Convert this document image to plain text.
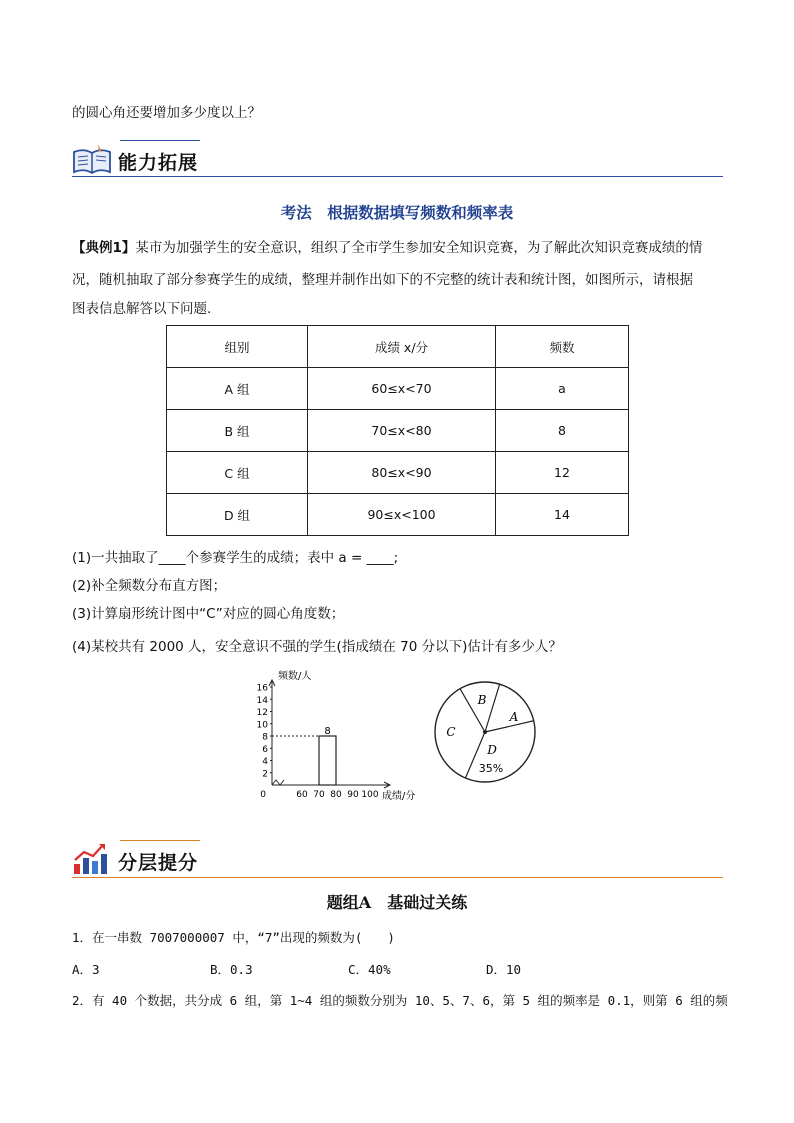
的圆心角还要增加多少度以上？
能力拓展
考法　根据数据填写频数和频率表
【典例1】某市为加强学生的安全意识，组织了全市学生参加安全知识竞赛，为了解此次知识竞赛成绩的情
况，随机抽取了部分参赛学生的成绩，整理并制作出如下的不完整的统计表和统计图，如图所示，请根据
图表信息解答以下问题.
组别	成绩 x/分	频数
A 组	60≤x<70	a
B 组	70≤x<80	8
C 组	80≤x<90	12
D 组	90≤x<100	14
(1)一共抽取了____个参赛学生的成绩；表中 a = ____;
(2)补全频数分布直方图；
(3)计算扇形统计图中“C”对应的圆心角度数；
(4)某校共有 2000 人，安全意识不强的学生(指成绩在 70 分以下)估计有多少人？
频数/人
成绩/分
0
2
4
6
8
10
12
14
16
60 70 80 90 100
8
A
B
C
D
35%
分层提分
题组A　基础过关练
1．在一串数 7007000007 中，“7”出现的频数为(　　)
A．3	B．0.3	C．40%	D．10
2．有 40 个数据，共分成 6 组，第 1~4 组的频数分别为 10、5、7、6，第 5 组的频率是 0.1，则第 6 组的频
